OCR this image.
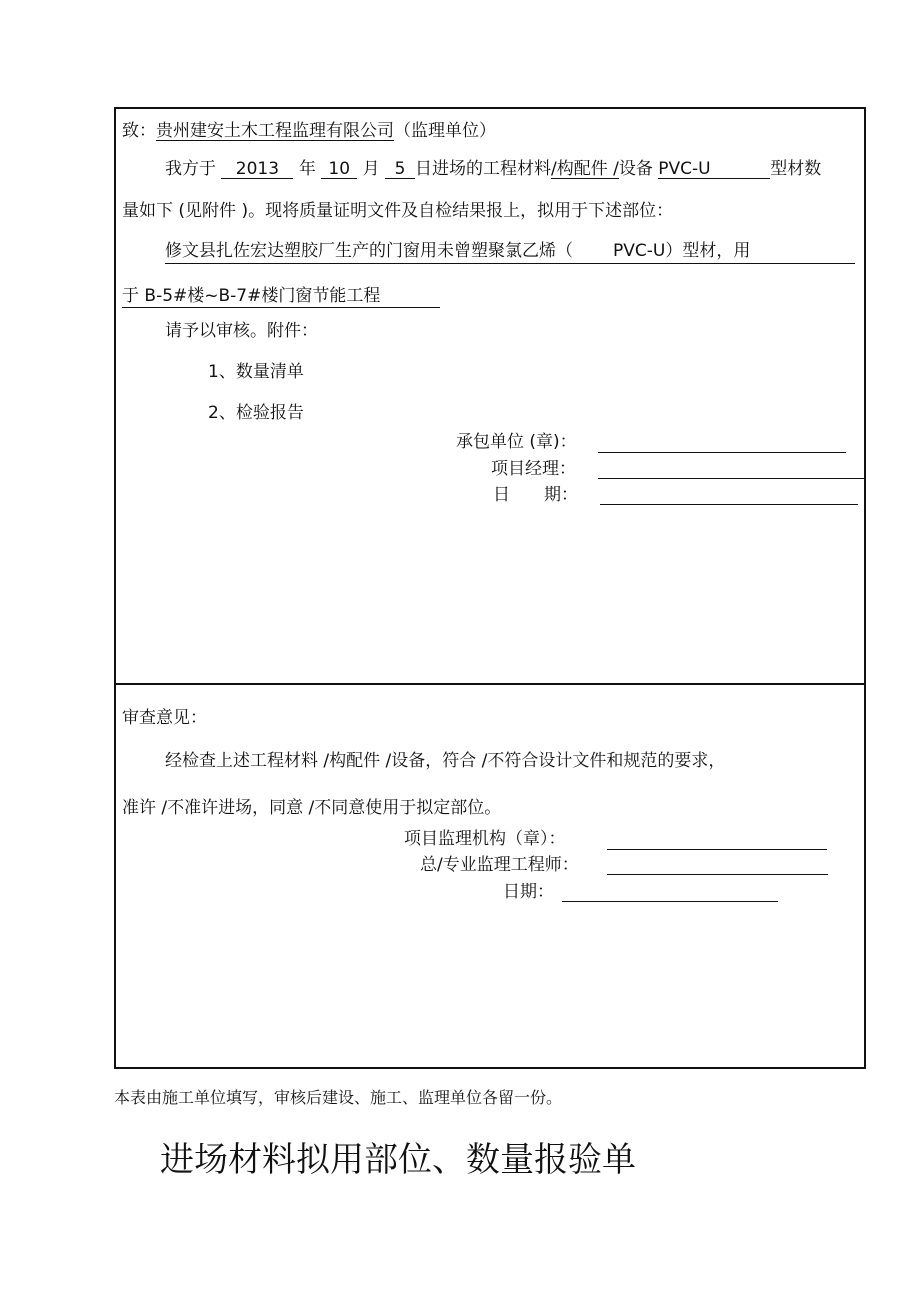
致：贵州建安土木工程监理有限公司（监理单位）
我方于 2013 年 10 月 5 日进场的工程材料/构配件 /设备 PVC-U	型材数
量如下 (见附件 )。现将质量证明文件及自检结果报上，拟用于下述部位：
修文县扎佐宏达塑胶厂生产的门窗用未曾塑聚氯乙烯（ PVC-U）型材，用
于 B-5#楼~B-7#楼门窗节能工程
请予以审核。附件：
1、数量清单
2、检验报告
承包单位 (章)：
项目经理：
日　　期：
审查意见：
经检查上述工程材料 /构配件 /设备，符合 /不符合设计文件和规范的要求，
准许 /不准许进场，同意 /不同意使用于拟定部位。
项目监理机构（章）：
总/专业监理工程师：
日期：
本表由施工单位填写，审核后建设、施工、监理单位各留一份。
进场材料拟用部位、数量报验单
